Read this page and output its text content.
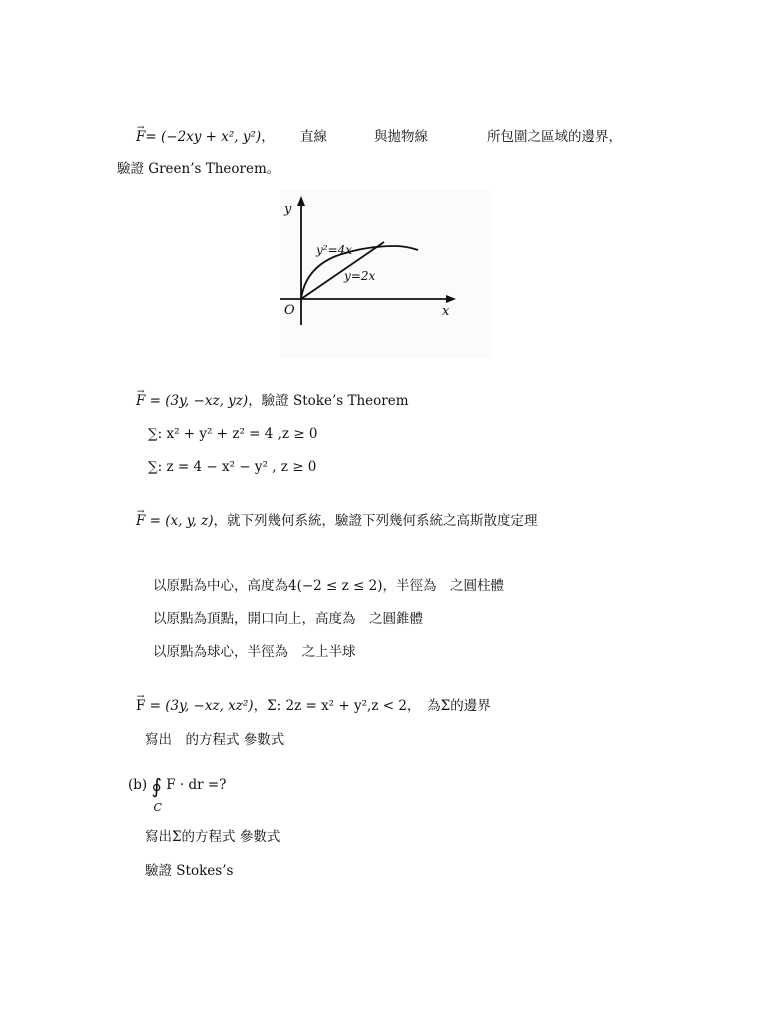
→ F= (−2xy + x², y²)， 直線	與拋物線	所包圍之區域的邊界，
驗證 Green’s Theorem。
y
x
O
y²=4x
y=2x
→ F = (3y, −xz, yz)，驗證 Stoke’s Theorem
∑: x² + y² + z² = 4 ,z ≥ 0
∑: z = 4 − x² − y² , z ≥ 0
→ F = (x, y, z)，就下列幾何系統，驗證下列幾何系統之高斯散度定理
以原點為中心，高度為4(−2 ≤ z ≤ 2)，半徑為　之圓柱體
以原點為頂點，開口向上，高度為　之圓錐體
以原點為球心，半徑為　之上半球
→ F = (3y, −xz, xz²)，Σ: 2z = x² + y²,z < 2，　為Σ的邊界
寫出　的方程式 參數式
(b) ∮
C
F · dr =?
寫出Σ的方程式 參數式
驗證 Stokes’s
